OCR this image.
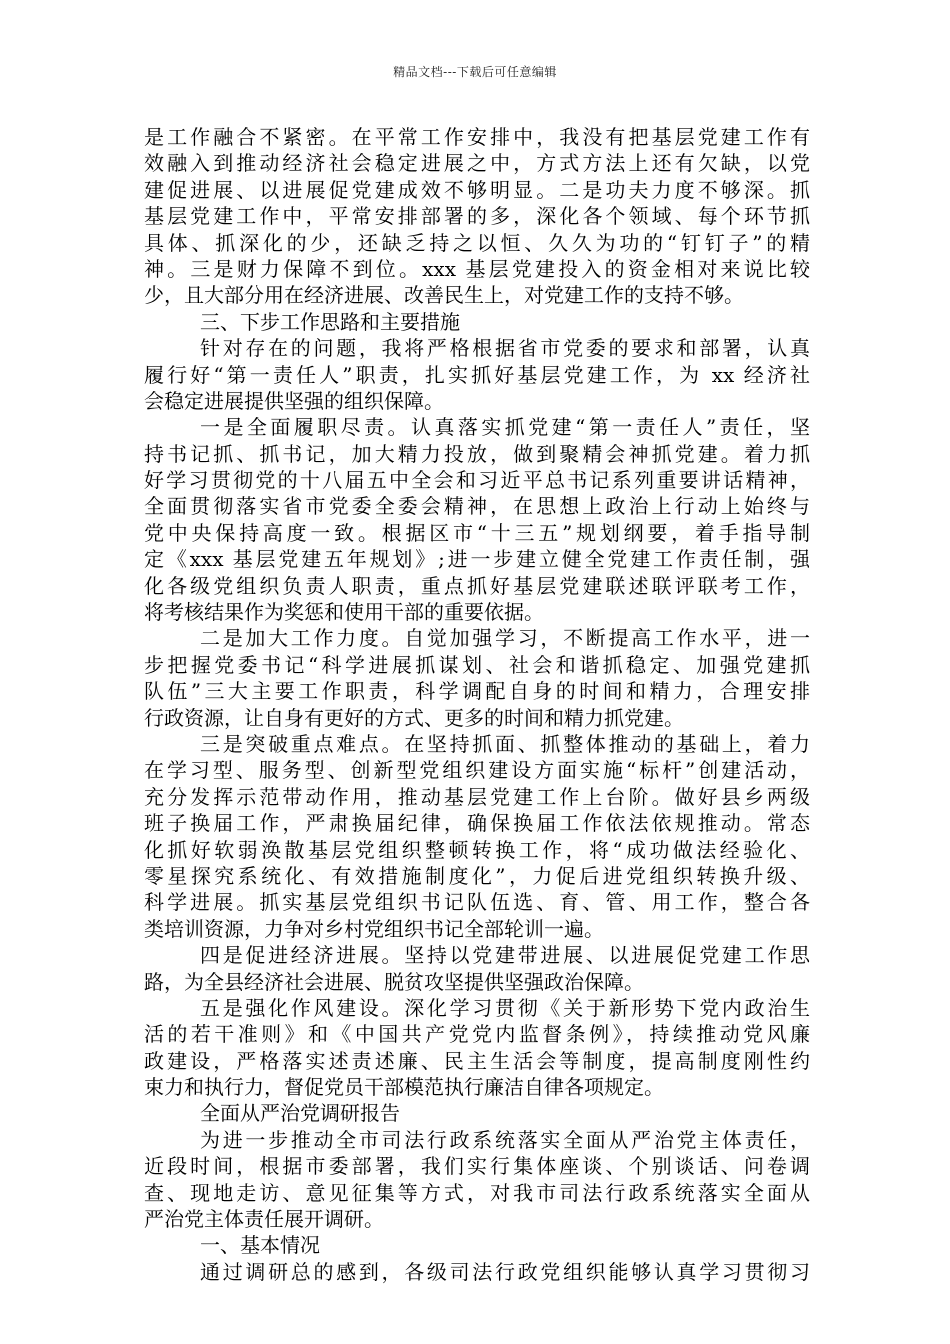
精品文档---下载后可任意编辑
是工作融合不紧密。在平常工作安排中，我没有把基层党建工作有
效融入到推动经济社会稳定进展之中，方式方法上还有欠缺，以党
建促进展、以进展促党建成效不够明显。二是功夫力度不够深。抓
基层党建工作中，平常安排部署的多，深化各个领域、每个环节抓
具体、抓深化的少，还缺乏持之以恒、久久为功的“钉钉子”的精
神。三是财力保障不到位。xxx 基层党建投入的资金相对来说比较
少，且大部分用在经济进展、改善民生上，对党建工作的支持不够。
三、下步工作思路和主要措施
针对存在的问题，我将严格根据省市党委的要求和部署，认真
履行好“第一责任人”职责，扎实抓好基层党建工作，为 xx 经济社
会稳定进展提供坚强的组织保障。
一是全面履职尽责。认真落实抓党建“第一责任人”责任，坚
持书记抓、抓书记，加大精力投放，做到聚精会神抓党建。着力抓
好学习贯彻党的十八届五中全会和习近平总书记系列重要讲话精神，
全面贯彻落实省市党委全委会精神，在思想上政治上行动上始终与
党中央保持高度一致。根据区市“十三五”规划纲要，着手指导制
定《xxx 基层党建五年规划》;进一步建立健全党建工作责任制，强
化各级党组织负责人职责，重点抓好基层党建联述联评联考工作，
将考核结果作为奖惩和使用干部的重要依据。
二是加大工作力度。自觉加强学习，不断提高工作水平，进一
步把握党委书记“科学进展抓谋划、社会和谐抓稳定、加强党建抓
队伍”三大主要工作职责，科学调配自身的时间和精力，合理安排
行政资源，让自身有更好的方式、更多的时间和精力抓党建。
三是突破重点难点。在坚持抓面、抓整体推动的基础上，着力
在学习型、服务型、创新型党组织建设方面实施“标杆”创建活动，
充分发挥示范带动作用，推动基层党建工作上台阶。做好县乡两级
班子换届工作，严肃换届纪律，确保换届工作依法依规推动。常态
化抓好软弱涣散基层党组织整顿转换工作，将“成功做法经验化、
零星探究系统化、有效措施制度化”，力促后进党组织转换升级、
科学进展。抓实基层党组织书记队伍选、育、管、用工作，整合各
类培训资源，力争对乡村党组织书记全部轮训一遍。
四是促进经济进展。坚持以党建带进展、以进展促党建工作思
路，为全县经济社会进展、脱贫攻坚提供坚强政治保障。
五是强化作风建设。深化学习贯彻《关于新形势下党内政治生
活的若干准则》和《中国共产党党内监督条例》，持续推动党风廉
政建设，严格落实述责述廉、民主生活会等制度，提高制度刚性约
束力和执行力，督促党员干部模范执行廉洁自律各项规定。
全面从严治党调研报告
为进一步推动全市司法行政系统落实全面从严治党主体责任，
近段时间，根据市委部署，我们实行集体座谈、个别谈话、问卷调
查、现地走访、意见征集等方式，对我市司法行政系统落实全面从
严治党主体责任展开调研。
一、基本情况
通过调研总的感到，各级司法行政党组织能够认真学习贯彻习
